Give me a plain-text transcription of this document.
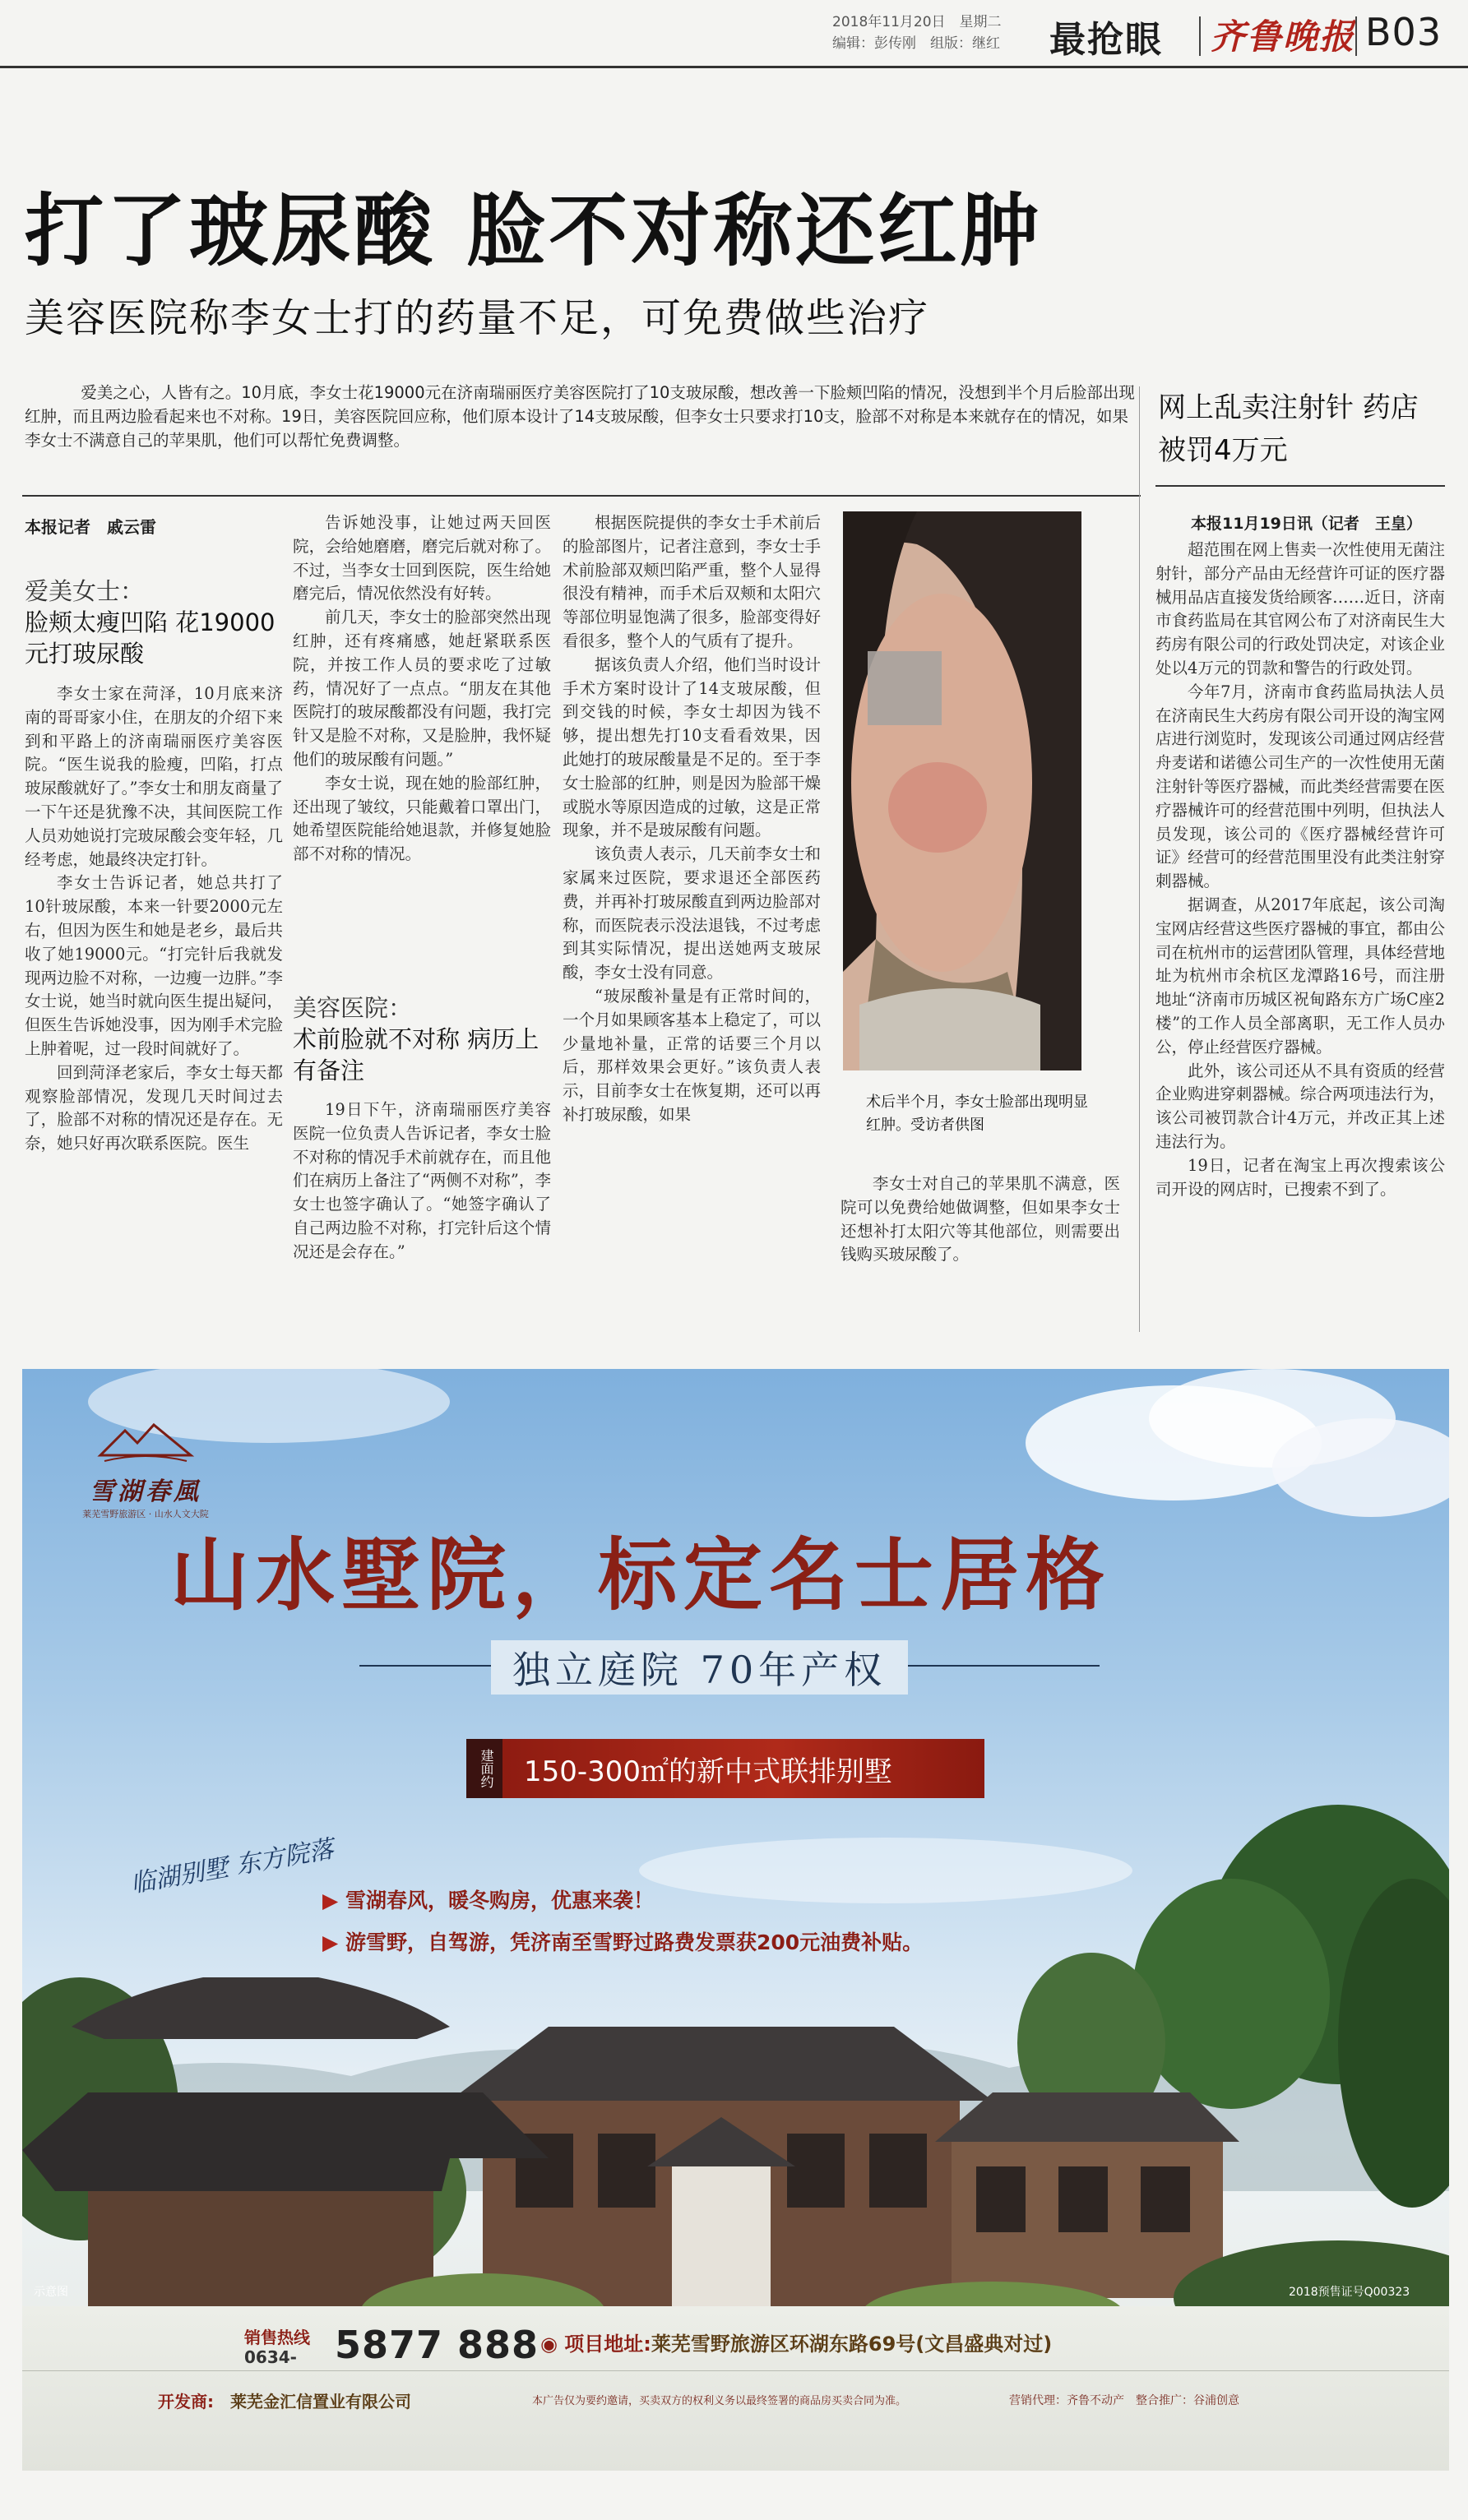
2018年11月20日　 星期二
编辑：彭传刚　 组版：继红	最抢眼 齐鲁晚报 B03
打了玻尿酸 脸不对称还红肿
美容医院称李女士打的药量不足，可免费做些治疗
爱美之心，人皆有之。10月底，李女士花19000元在济南瑞丽医疗美容医院打了10支玻尿酸，想改善一下脸颊凹陷的情况，没想到半个月后脸部出现红肿，而且两边脸看起来也不对称。19日，美容医院回应称，他们原本设计了14支玻尿酸，但李女士只要求打10支，脸部不对称是本来就存在的情况，如果李女士不满意自己的苹果肌，他们可以帮忙免费调整。
本报记者　戚云雷
爱美女士：
脸颊太瘦凹陷 花19000元打玻尿酸

李女士家在菏泽，10月底来济南的哥哥家小住，在朋友的介绍下来到和平路上的济南瑞丽医疗美容医院。“医生说我的脸瘦，凹陷，打点玻尿酸就好了。”李女士和朋友商量了一下午还是犹豫不决，其间医院工作人员劝她说打完玻尿酸会变年轻，几经考虑，她最终决定打针。

李女士告诉记者，她总共打了10针玻尿酸，本来一针要2000元左右，但因为医生和她是老乡，最后共收了她19000元。“打完针后我就发现两边脸不对称，一边瘦一边胖。”李女士说，她当时就向医生提出疑问，但医生告诉她没事，因为刚手术完脸上肿着呢，过一段时间就好了。

回到菏泽老家后，李女士每天都观察脸部情况，发现几天时间过去了，脸部不对称的情况还是存在。无奈，她只好再次联系医院。医生

告诉她没事，让她过两天回医院，会给她磨磨，磨完后就对称了。不过，当李女士回到医院，医生给她磨完后，情况依然没有好转。

前几天，李女士的脸部突然出现红肿，还有疼痛感，她赶紧联系医院，并按工作人员的要求吃了过敏药，情况好了一点点。“朋友在其他医院打的玻尿酸都没有问题，我打完针又是脸不对称，又是脸肿，我怀疑他们的玻尿酸有问题。”

李女士说，现在她的脸部红肿，还出现了皱纹，只能戴着口罩出门，她希望医院能给她退款，并修复她脸部不对称的情况。

美容医院：
术前脸就不对称 病历上有备注

19日下午，济南瑞丽医疗美容医院一位负责人告诉记者，李女士脸不对称的情况手术前就存在，而且他们在病历上备注了“两侧不对称”，李女士也签字确认了。“她签字确认了自己两边脸不对称，打完针后这个情况还是会存在。”

根据医院提供的李女士手术前后的脸部图片，记者注意到，李女士手术前脸部双颊凹陷严重，整个人显得很没有精神，而手术后双颊和太阳穴等部位明显饱满了很多，脸部变得好看很多，整个人的气质有了提升。

据该负责人介绍，他们当时设计手术方案时设计了14支玻尿酸，但到交钱的时候，李女士却因为钱不够，提出想先打10支看看效果，因此她打的玻尿酸量是不足的。至于李女士脸部的红肿，则是因为脸部干燥或脱水等原因造成的过敏，这是正常现象，并不是玻尿酸有问题。

该负责人表示，几天前李女士和家属来过医院，要求退还全部医药费，并再补打玻尿酸直到两边脸部对称，而医院表示没法退钱，不过考虑到其实际情况，提出送她两支玻尿酸，李女士没有同意。

“玻尿酸补量是有正常时间的，一个月如果顾客基本上稳定了，可以少量地补量，正常的话要三个月以后，那样效果会更好。”该负责人表示，目前李女士在恢复期，还可以再补打玻尿酸，如果

术后半个月，李女士脸部出现明显红肿。受访者供图

李女士对自己的苹果肌不满意，医院可以免费给她做调整，但如果李女士还想补打太阳穴等其他部位，则需要出钱购买玻尿酸了。

网上乱卖注射针 药店被罚4万元
本报11月19日讯（记者　王皇）

超范围在网上售卖一次性使用无菌注射针，部分产品由无经营许可证的医疗器械用品店直接发货给顾客……近日，济南市食药监局在其官网公布了对济南民生大药房有限公司的行政处罚决定，对该企业处以4万元的罚款和警告的行政处罚。

今年7月，济南市食药监局执法人员在济南民生大药房有限公司开设的淘宝网店进行浏览时，发现该公司通过网店经营舟麦诺和诺德公司生产的一次性使用无菌注射针等医疗器械，而此类经营需要在医疗器械许可的经营范围中列明，但执法人员发现，该公司的《医疗器械经营许可证》经营可的经营范围里没有此类注射穿刺器械。

据调查，从2017年底起，该公司淘宝网店经营这些医疗器械的事宜，都由公司在杭州市的运营团队管理，具体经营地址为杭州市余杭区龙潭路16号，而注册地址“济南市历城区祝甸路东方广场C座2楼”的工作人员全部离职，无工作人员办公，停止经营医疗器械。

此外，该公司还从不具有资质的经营企业购进穿刺器械。综合两项违法行为，该公司被罚款合计4万元，并改正其上述违法行为。

19日，记者在淘宝上再次搜索该公司开设的网店时，已搜索不到了。

雪湖春風
莱芜雪野旅游区 · 山水人文大院
山水墅院，标定名士居格
独立庭院 70年产权
建面约	150-300㎡的新中式联排别墅
临湖别墅 东方院落
▶ 雪湖春风，暖冬购房，优惠来袭！
▶ 游雪野，自驾游，凭济南至雪野过路费发票获200元油费补贴。
示意图	2018预售证号Q00323
销售热线
0634-	5877 888 ◉ 项目地址:莱芜雪野旅游区环湖东路69号(文昌盛典对过)
开发商:　 莱芜金汇信置业有限公司	本广告仅为要约邀请，买卖双方的权利义务以最终签署的商品房买卖合同为准。	营销代理：齐鲁不动产　整合推广：谷浦创意
